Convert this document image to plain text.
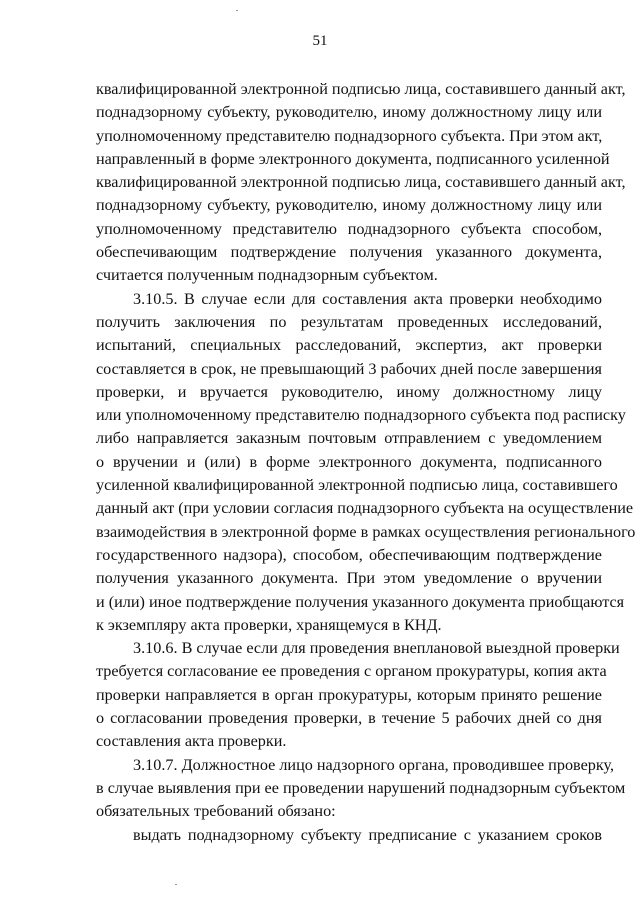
51
квалифицированной электронной подписью лица, составившего данный акт,
поднадзорному субъекту, руководителю, иному должностному лицу или
уполномоченному представителю поднадзорного субъекта. При этом акт,
направленный в форме электронного документа, подписанного усиленной
квалифицированной электронной подписью лица, составившего данный акт,
поднадзорному субъекту, руководителю, иному должностному лицу или
уполномоченному представителю поднадзорного субъекта способом,
обеспечивающим подтверждение получения указанного документа,
считается полученным поднадзорным субъектом.
3.10.5. В случае если для составления акта проверки необходимо
получить заключения по результатам проведенных исследований,
испытаний, специальных расследований, экспертиз, акт проверки
составляется в срок, не превышающий 3 рабочих дней после завершения
проверки, и вручается руководителю, иному должностному лицу
или уполномоченному представителю поднадзорного субъекта под расписку
либо направляется заказным почтовым отправлением с уведомлением
о вручении и (или) в форме электронного документа, подписанного
усиленной квалифицированной электронной подписью лица, составившего
данный акт (при условии согласия поднадзорного субъекта на осуществление
взаимодействия в электронной форме в рамках осуществления регионального
государственного надзора), способом, обеспечивающим подтверждение
получения указанного документа. При этом уведомление о вручении
и (или) иное подтверждение получения указанного документа приобщаются
к экземпляру акта проверки, хранящемуся в КНД.
3.10.6. В случае если для проведения внеплановой выездной проверки
требуется согласование ее проведения с органом прокуратуры, копия акта
проверки направляется в орган прокуратуры, которым принято решение
о согласовании проведения проверки, в течение 5 рабочих дней со дня
составления акта проверки.
3.10.7. Должностное лицо надзорного органа, проводившее проверку,
в случае выявления при ее проведении нарушений поднадзорным субъектом
обязательных требований обязано:
выдать поднадзорному субъекту предписание с указанием сроков
